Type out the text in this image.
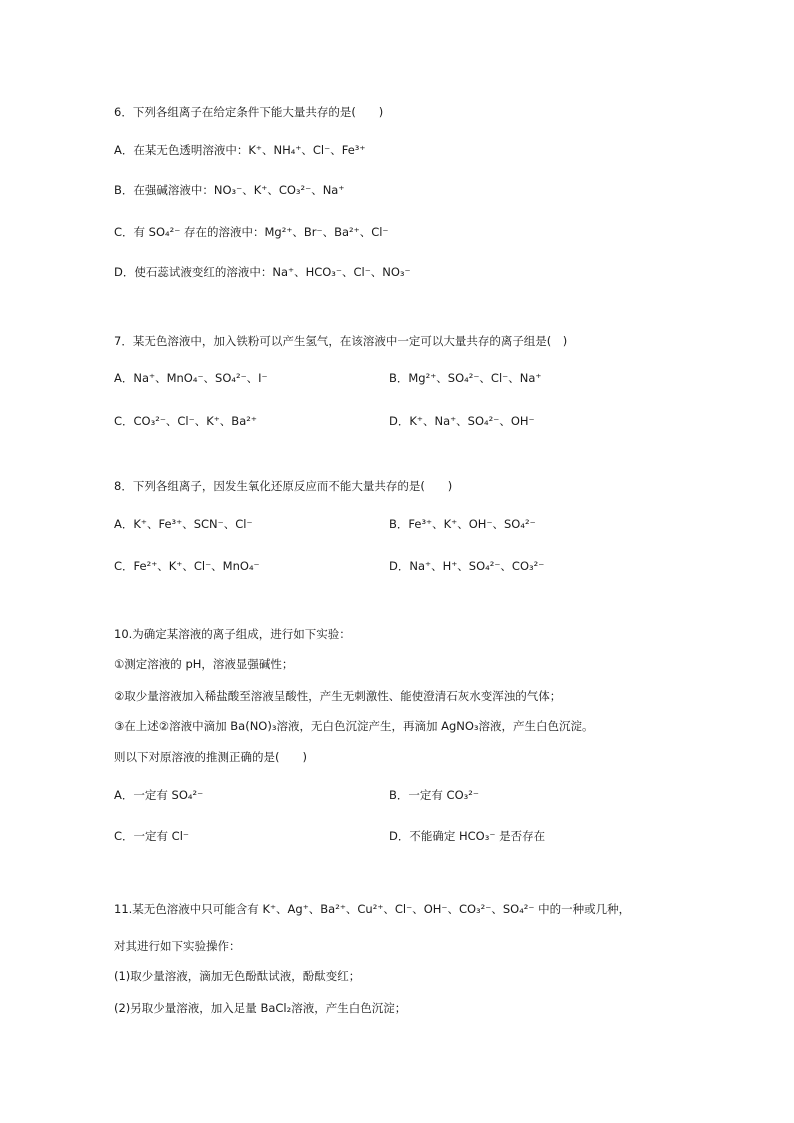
6．下列各组离子在给定条件下能大量共存的是(　　)
A．在某无色透明溶液中：K⁺、NH₄⁺、Cl⁻、Fe³⁺
B．在强碱溶液中：NO₃⁻、K⁺、CO₃²⁻、Na⁺
C．有 SO₄²⁻ 存在的溶液中：Mg²⁺、Br⁻、Ba²⁺、Cl⁻
D．使石蕊试液变红的溶液中：Na⁺、HCO₃⁻、Cl⁻、NO₃⁻
7．某无色溶液中，加入铁粉可以产生氢气，在该溶液中一定可以大量共存的离子组是(　)
A．Na⁺、MnO₄⁻、SO₄²⁻、I⁻	B．Mg²⁺、SO₄²⁻、Cl⁻、Na⁺
C．CO₃²⁻、Cl⁻、K⁺、Ba²⁺	D．K⁺、Na⁺、SO₄²⁻、OH⁻
8．下列各组离子，因发生氧化还原反应而不能大量共存的是(　　)
A．K⁺、Fe³⁺、SCN⁻、Cl⁻	B．Fe³⁺、K⁺、OH⁻、SO₄²⁻
C．Fe²⁺、K⁺、Cl⁻、MnO₄⁻	D．Na⁺、H⁺、SO₄²⁻、CO₃²⁻
10.为确定某溶液的离子组成，进行如下实验：
①测定溶液的 pH，溶液显强碱性；
②取少量溶液加入稀盐酸至溶液呈酸性，产生无刺激性、能使澄清石灰水变浑浊的气体；
③在上述②溶液中滴加 Ba(NO)₃溶液，无白色沉淀产生，再滴加 AgNO₃溶液，产生白色沉淀。
则以下对原溶液的推测正确的是(　　)
A．一定有 SO₄²⁻	B．一定有 CO₃²⁻
C．一定有 Cl⁻	D．不能确定 HCO₃⁻ 是否存在
11.某无色溶液中只可能含有 K⁺、Ag⁺、Ba²⁺、Cu²⁺、Cl⁻、OH⁻、CO₃²⁻、SO₄²⁻ 中的一种或几种，
对其进行如下实验操作：
(1)取少量溶液，滴加无色酚酞试液，酚酞变红；
(2)另取少量溶液，加入足量 BaCl₂溶液，产生白色沉淀；
